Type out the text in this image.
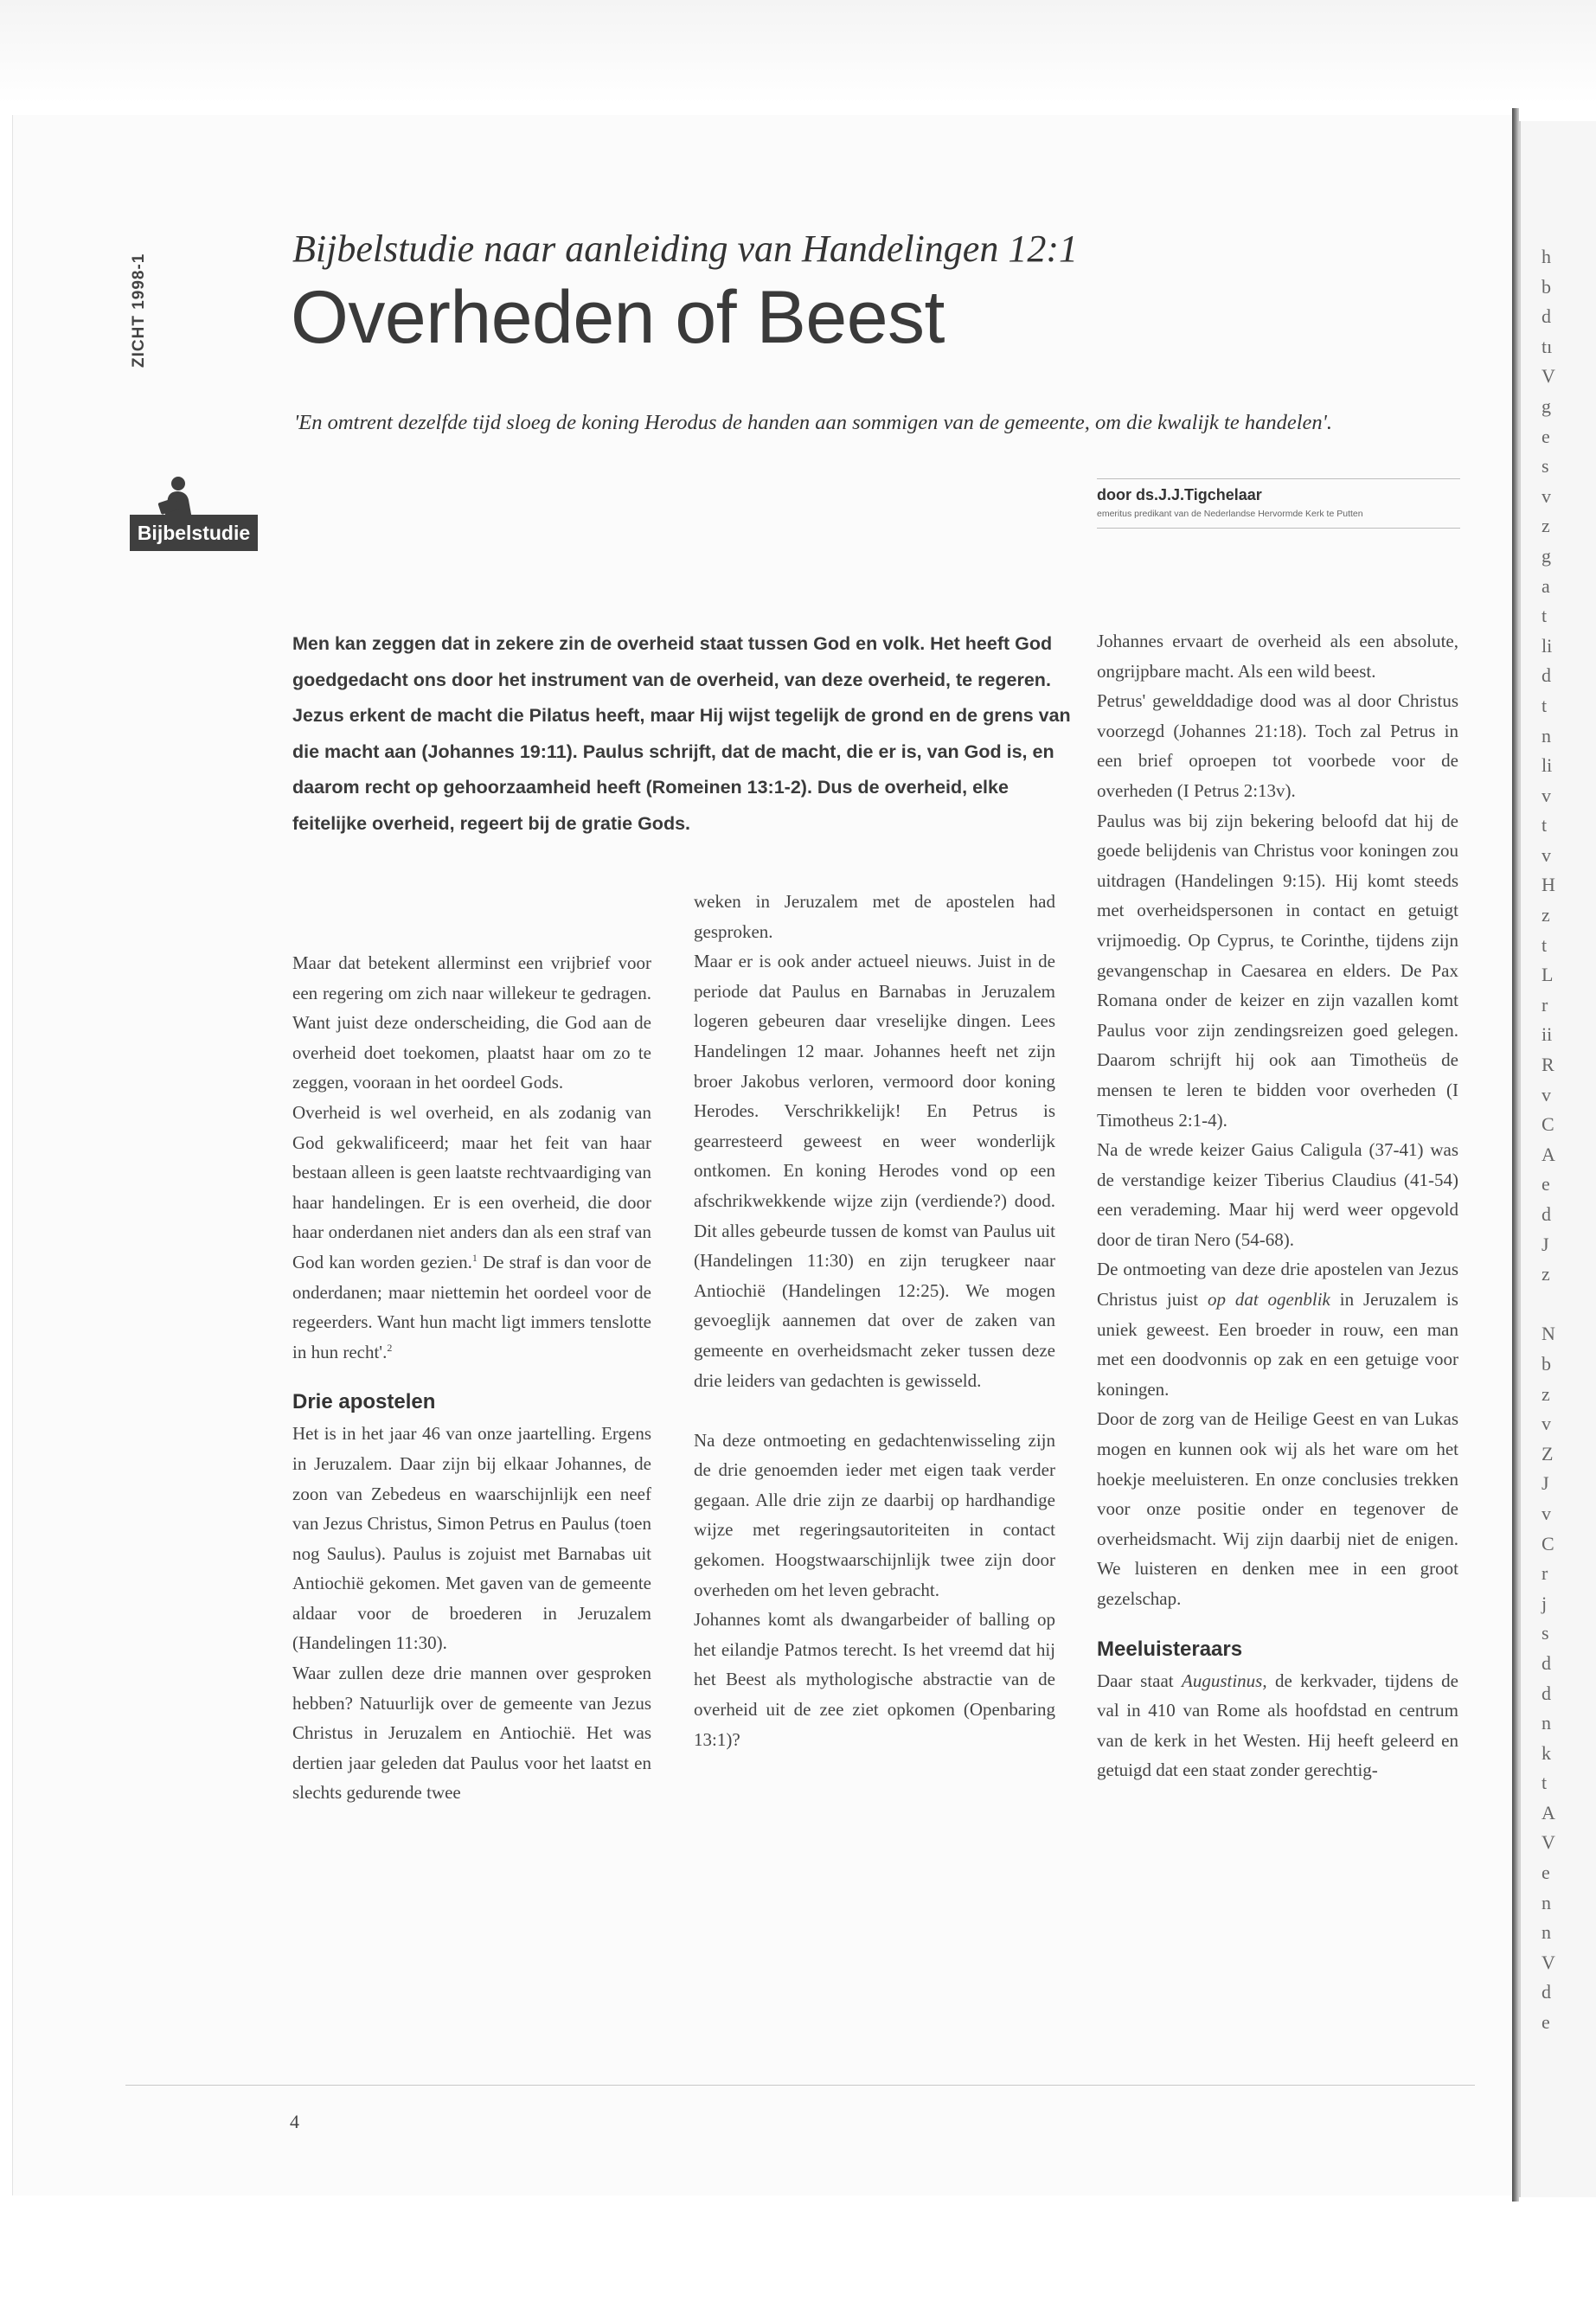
h
b
d
tı
V
g
e
s
v
z
g
a
t
li
d
t
n
li
v
t
v
H
z
t
L
r
ii
R
v
C
A
e
d
J
z

N
b
z
v
Z
J
v
C
r
j
s
d
d
n
k
t
A
V
e
n
n
V
d
e
ZICHT 1998-1
Bijbelstudie
Bijbelstudie naar aanleiding van Handelingen 12:1
Overheden of Beest
'En omtrent dezelfde tijd sloeg de koning Herodus de handen aan sommigen van de gemeente, om die kwalijk te handelen'.
door ds.J.J.Tigchelaar
emeritus predikant van de Nederlandse Hervormde Kerk te Putten
Men kan zeggen dat in zekere zin de overheid staat tussen God en volk. Het heeft God goedgedacht ons door het instrument van de overheid, van deze overheid, te regeren. Jezus erkent de macht die Pilatus heeft, maar Hij wijst tegelijk de grond en de grens van die macht aan (Johannes 19:11). Paulus schrijft, dat de macht, die er is, van God is, en daarom recht op gehoorzaamheid heeft (Romeinen 13:1-2). Dus de overheid, elke feitelijke overheid, regeert bij de gratie Gods.

Maar dat betekent allerminst een vrijbrief voor een regering om zich naar willekeur te gedragen. Want juist deze onderscheiding, die God aan de overheid doet toekomen, plaatst haar om zo te zeggen, vooraan in het oordeel Gods.

Overheid is wel overheid, en als zodanig van God gekwalificeerd; maar het feit van haar bestaan alleen is geen laatste rechtvaardiging van haar handelingen. Er is een overheid, die door haar onderdanen niet anders dan als een straf van God kan worden gezien.$^1$ De straf is dan voor de onderdanen; maar niettemin het oordeel voor de regeerders. Want hun macht ligt immers tenslotte in hun recht'.$^2$

Drie apostelen

Het is in het jaar 46 van onze jaartelling. Ergens in Jeruzalem. Daar zijn bij elkaar Johannes, de zoon van Zebedeus en waarschijnlijk een neef van Jezus Christus, Simon Petrus en Paulus (toen nog Saulus). Paulus is zojuist met Barnabas uit Antiochië gekomen. Met gaven van de gemeente aldaar voor de broederen in Jeruzalem (Handelingen 11:30).

Waar zullen deze drie mannen over gesproken hebben? Natuurlijk over de gemeente van Jezus Christus in Jeruzalem en Antiochië. Het was dertien jaar geleden dat Paulus voor het laatst en slechts gedurende twee

weken in Jeruzalem met de apostelen had gesproken.

Maar er is ook ander actueel nieuws. Juist in de periode dat Paulus en Barnabas in Jeruzalem logeren gebeuren daar vreselijke dingen. Lees Handelingen 12 maar. Johannes heeft net zijn broer Jakobus verloren, vermoord door koning Herodes. Verschrikkelijk! En Petrus is gearresteerd geweest en weer wonderlijk ontkomen. En koning Herodes vond op een afschrikwekkende wijze zijn (verdiende?) dood. Dit alles gebeurde tussen de komst van Paulus uit (Handelingen 11:30) en zijn terugkeer naar Antiochië (Handelingen 12:25). We mogen gevoeglijk aannemen dat over de zaken van gemeente en overheidsmacht zeker tussen deze drie leiders van gedachten is gewisseld.

Na deze ontmoeting en gedachtenwisseling zijn de drie genoemden ieder met eigen taak verder gegaan. Alle drie zijn ze daarbij op hardhandige wijze met regeringsautoriteiten in contact gekomen. Hoogstwaarschijnlijk twee zijn door overheden om het leven gebracht.

Johannes komt als dwangarbeider of balling op het eilandje Patmos terecht. Is het vreemd dat hij het Beest als mythologische abstractie van de overheid uit de zee ziet opkomen (Openbaring 13:1)?

Johannes ervaart de overheid als een absolute, ongrijpbare macht. Als een wild beest.

Petrus' gewelddadige dood was al door Christus voorzegd (Johannes 21:18). Toch zal Petrus in een brief oproepen tot voorbede voor de overheden (I Petrus 2:13v).

Paulus was bij zijn bekering beloofd dat hij de goede belijdenis van Christus voor koningen zou uitdragen (Handelingen 9:15). Hij komt steeds met overheidspersonen in contact en getuigt vrijmoedig. Op Cyprus, te Corinthe, tijdens zijn gevangenschap in Caesarea en elders. De Pax Romana onder de keizer en zijn vazallen komt Paulus voor zijn zendingsreizen goed gelegen. Daarom schrijft hij ook aan Timotheüs de mensen te leren te bidden voor overheden (I Timotheus 2:1-4).

Na de wrede keizer Gaius Caligula (37-41) was de verstandige keizer Tiberius Claudius (41-54) een verademing. Maar hij werd weer opgevold door de tiran Nero (54-68).

De ontmoeting van deze drie apostelen van Jezus Christus juist op dat ogenblik in Jeruzalem is uniek geweest. Een broeder in rouw, een man met een doodvonnis op zak en een getuige voor koningen.

Door de zorg van de Heilige Geest en van Lukas mogen en kunnen ook wij als het ware om het hoekje meeluisteren. En onze conclusies trekken voor onze positie onder en tegenover de overheidsmacht. Wij zijn daarbij niet de enigen. We luisteren en denken mee in een groot gezelschap.

Meeluisteraars

Daar staat Augustinus, de kerkvader, tijdens de val in 410 van Rome als hoofdstad en centrum van de kerk in het Westen. Hij heeft geleerd en getuigd dat een staat zonder gerechtig-

4
